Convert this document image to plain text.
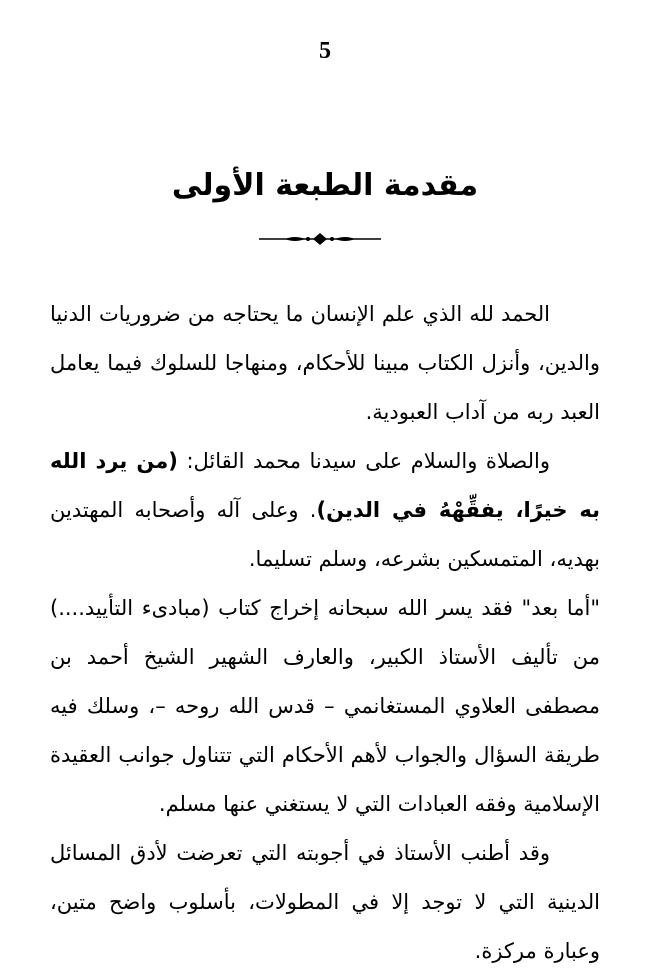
5
مقدمة الطبعة الأولى

الحمد لله الذي علم الإنسان ما يحتاجه من ضروريات الدنيا والدين، وأنزل الكتاب مبينا للأحكام، ومنهاجا للسلوك فيما يعامل العبد ربه من آداب العبودية.

والصلاة والسلام على سيدنا محمد القائل: (من يرد الله به خيرًا، يفقِّهْهُ في الدين). وعلى آله وأصحابه المهتدين بهديه، المتمسكين بشرعه، وسلم تسليما.

"أما بعد" فقد يسر الله سبحانه إخراج كتاب (مبادىء التأييد....) من تأليف الأستاذ الكبير، والعارف الشهير الشيخ أحمد بن مصطفى العلاوي المستغانمي – قدس الله روحه –، وسلك فيه طريقة السؤال والجواب لأهم الأحكام التي تتناول جوانب العقيدة الإسلامية وفقه العبادات التي لا يستغني عنها مسلم.

وقد أطنب الأستاذ في أجوبته التي تعرضت لأدق المسائل الدينية التي لا توجد إلا في المطولات، بأسلوب واضح متين، وعبارة مركزة.
